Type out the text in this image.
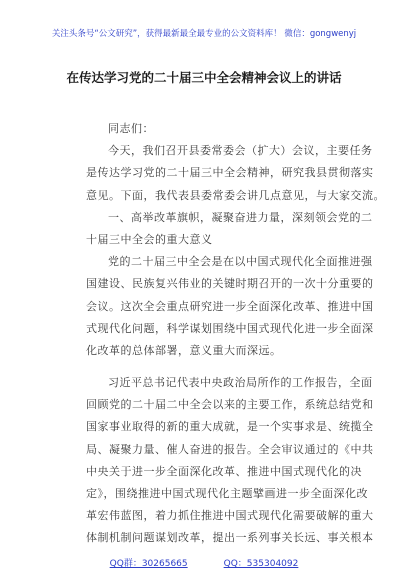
关注头条号“公文研究”，获得最新最全最专业的公文资料库！ 微信：gongwenyj
在传达学习党的二十届三中全会精神会议上的讲话
同志们：
今天，我们召开县委常委会（扩大）会议，主要任务
是传达学习党的二十届三中全会精神，研究我县贯彻落实
意见。下面，我代表县委常委会讲几点意见，与大家交流。
一、高举改革旗帜，凝聚奋进力量，深刻领会党的二
十届三中全会的重大意义
党的二十届三中全会是在以中国式现代化全面推进强
国建设、民族复兴伟业的关键时期召开的一次十分重要的
会议。这次全会重点研究进一步全面深化改革、推进中国
式现代化问题，科学谋划围绕中国式现代化进一步全面深
化改革的总体部署，意义重大而深远。
习近平总书记代表中央政治局所作的工作报告，全面
回顾党的二十届二中全会以来的主要工作，系统总结党和
国家事业取得的新的重大成就，是一个实事求是、统揽全
局、凝聚力量、催人奋进的报告。全会审议通过的《中共
中央关于进一步全面深化改革、推进中国式现代化的决
定》，围绕推进中国式现代化主题擘画进一步全面深化改
革宏伟蓝图，着力抓住推进中国式现代化需要破解的重大
体制机制问题谋划改革，提出一系列事关长远、事关根本
QQ群：30265665	QQ：535304092
